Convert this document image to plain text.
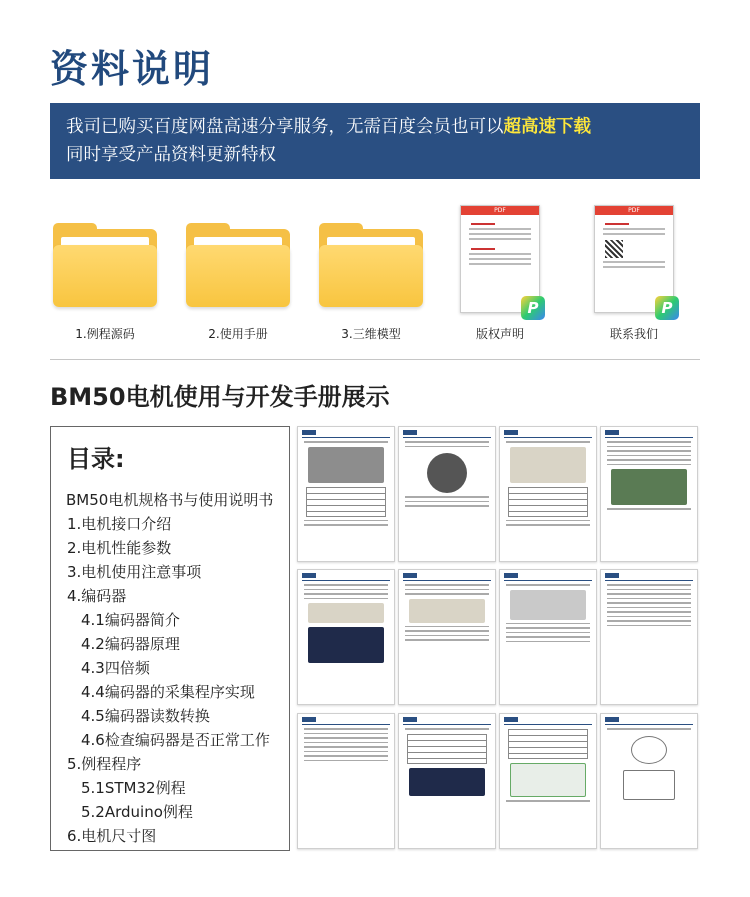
资料说明
我司已购买百度网盘高速分享服务，无需百度会员也可以超高速下载
同时享受产品资料更新特权
1.例程源码	2.使用手册	3.三维模型
PDF
P
版权声明
PDF
P
联系我们
BM50电机使用与开发手册展示
目录:
BM50电机规格书与使用说明书
1.电机接口介绍
2.电机性能参数
3.电机使用注意事项
4.编码器
4.1编码器简介
4.2编码器原理
4.3四倍频
4.4编码器的采集程序实现
4.5编码器读数转换
4.6检查编码器是否正常工作
5.例程程序
5.1STM32例程
5.2Arduino例程
6.电机尺寸图
